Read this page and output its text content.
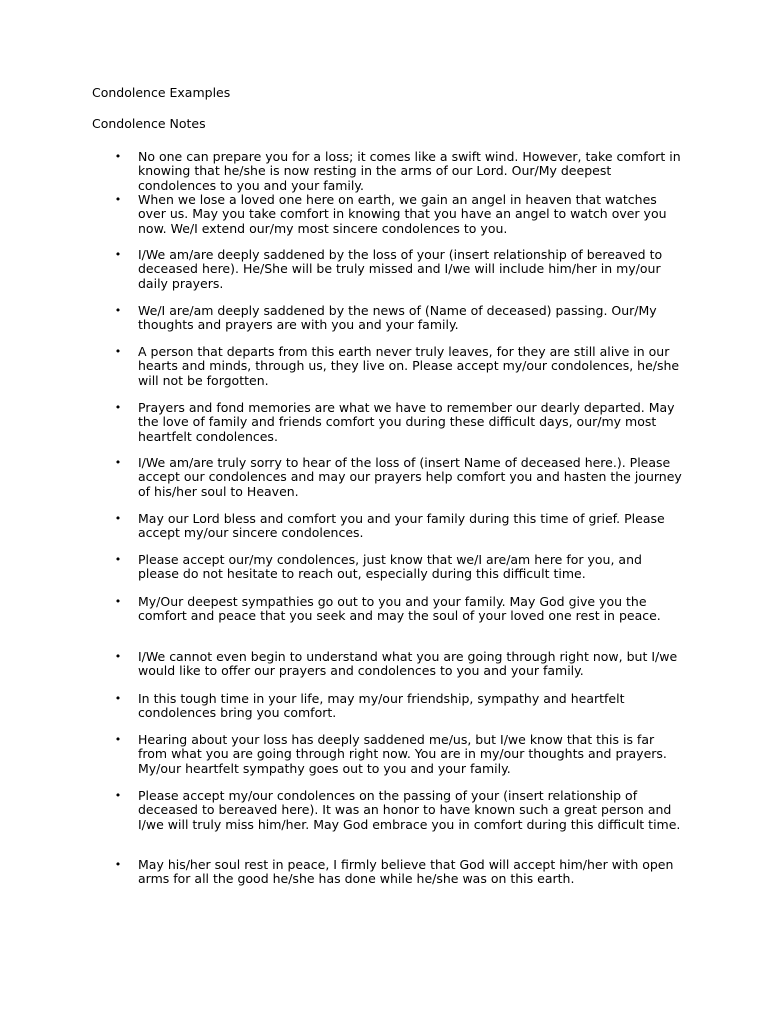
Condolence Examples
Condolence Notes
• No one can prepare you for a loss; it comes like a swift wind. However, take comfort in knowing that he/she is now resting in the arms of our Lord. Our/My deepest condolences to you and your family.
• When we lose a loved one here on earth, we gain an angel in heaven that watches over us. May you take comfort in knowing that you have an angel to watch over you now. We/I extend our/my most sincere condolences to you.
• I/We am/are deeply saddened by the loss of your (insert relationship of bereaved to deceased here). He/She will be truly missed and I/we will include him/her in my/our daily prayers.
• We/I are/am deeply saddened by the news of (Name of deceased) passing. Our/My thoughts and prayers are with you and your family.
• A person that departs from this earth never truly leaves, for they are still alive in our hearts and minds, through us, they live on. Please accept my/our condolences, he/she will not be forgotten.
• Prayers and fond memories are what we have to remember our dearly departed. May the love of family and friends comfort you during these difficult days, our/my most heartfelt condolences.
• I/We am/are truly sorry to hear of the loss of (insert Name of deceased here.). Please accept our condolences and may our prayers help comfort you and hasten the journey of his/her soul to Heaven.
• May our Lord bless and comfort you and your family during this time of grief. Please accept my/our sincere condolences.
• Please accept our/my condolences, just know that we/I are/am here for you, and please do not hesitate to reach out, especially during this difficult time.
• My/Our deepest sympathies go out to you and your family. May God give you the comfort and peace that you seek and may the soul of your loved one rest in peace.
• I/We cannot even begin to understand what you are going through right now, but I/we would like to offer our prayers and condolences to you and your family.
• In this tough time in your life, may my/our friendship, sympathy and heartfelt condolences bring you comfort.
• Hearing about your loss has deeply saddened me/us, but I/we know that this is far from what you are going through right now. You are in my/our thoughts and prayers. My/our heartfelt sympathy goes out to you and your family.
• Please accept my/our condolences on the passing of your (insert relationship of deceased to bereaved here). It was an honor to have known such a great person and I/we will truly miss him/her. May God embrace you in comfort during this difficult time.
• May his/her soul rest in peace, I firmly believe that God will accept him/her with open arms for all the good he/she has done while he/she was on this earth.
